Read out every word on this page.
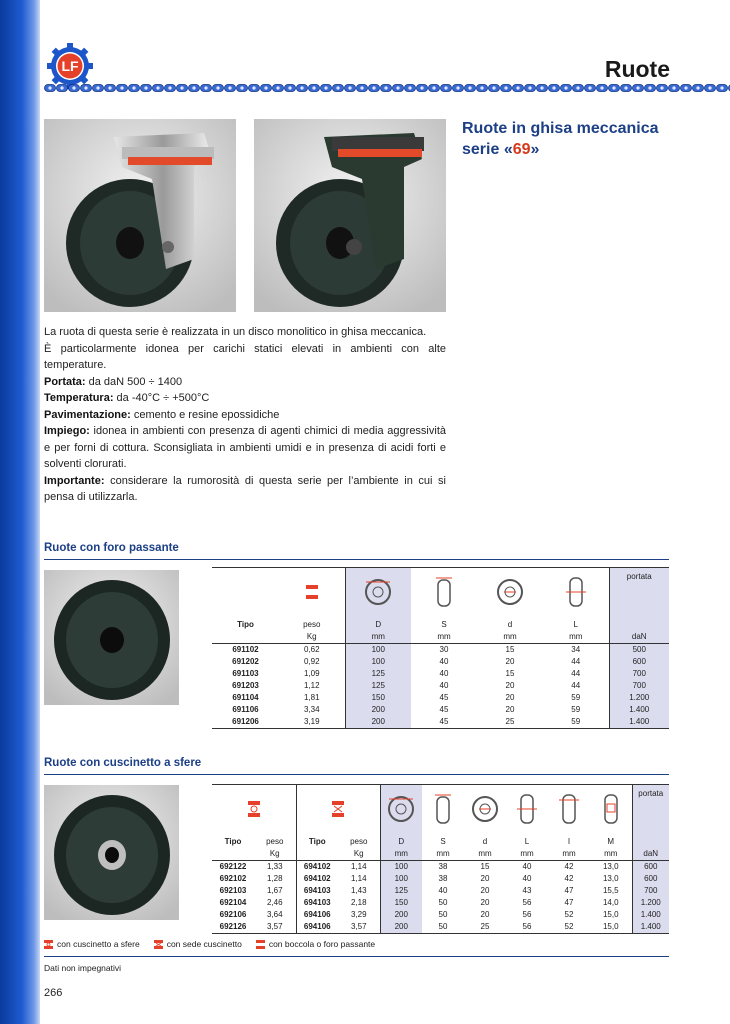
LF	Ruote
Ruote in ghisa meccanica
serie «69»
La ruota di questa serie è realizzata in un disco monolitico in ghisa meccanica.
È particolarmente idonea per carichi statici elevati in ambienti con alte temperature.
Portata: da daN 500 ÷ 1400
Temperatura: da -40°C ÷ +500°C
Pavimentazione: cemento e resine epossidiche
Impiego: idonea in ambienti con presenza di agenti chimici di media aggressività e per forni di cottura. Sconsigliata in ambienti umidi e in presenza di acidi forti e solventi clorurati.
Importante: considerare la rumorosità di questa serie per l’ambiente in cui si pensa di utilizzarla.
Ruote con foro passante
						portata
Tipo	peso	D	S	d	L	
	Kg	mm	mm	mm	mm	daN
691102	0,62	100	30	15	34	500
691202	0,92	100	40	20	44	600
691103	1,09	125	40	15	44	700
691203	1,12	125	40	20	44	700
691104	1,81	150	45	20	59	1.200
691106	3,34	200	45	20	59	1.400
691206	3,19	200	45	25	59	1.400
Ruote con cuscinetto a sfere
								portata
Tipo	peso	Tipo	peso	D	S	d	L	I	M	
	Kg		Kg	mm	mm	mm	mm	mm	mm	daN
692122	1,33	694102	1,14	100	38	15	40	42	13,0	600
692102	1,28	694102	1,14	100	38	20	40	42	13,0	600
692103	1,67	694103	1,43	125	40	20	43	47	15,5	700
692104	2,46	694103	2,18	150	50	20	56	47	14,0	1.200
692106	3,64	694106	3,29	200	50	20	56	52	15,0	1.400
692126	3,57	694106	3,57	200	50	25	56	52	15,0	1.400
con cuscinetto a sfere	con sede cuscinetto	con boccola o foro passante
Dati non impegnativi
266
